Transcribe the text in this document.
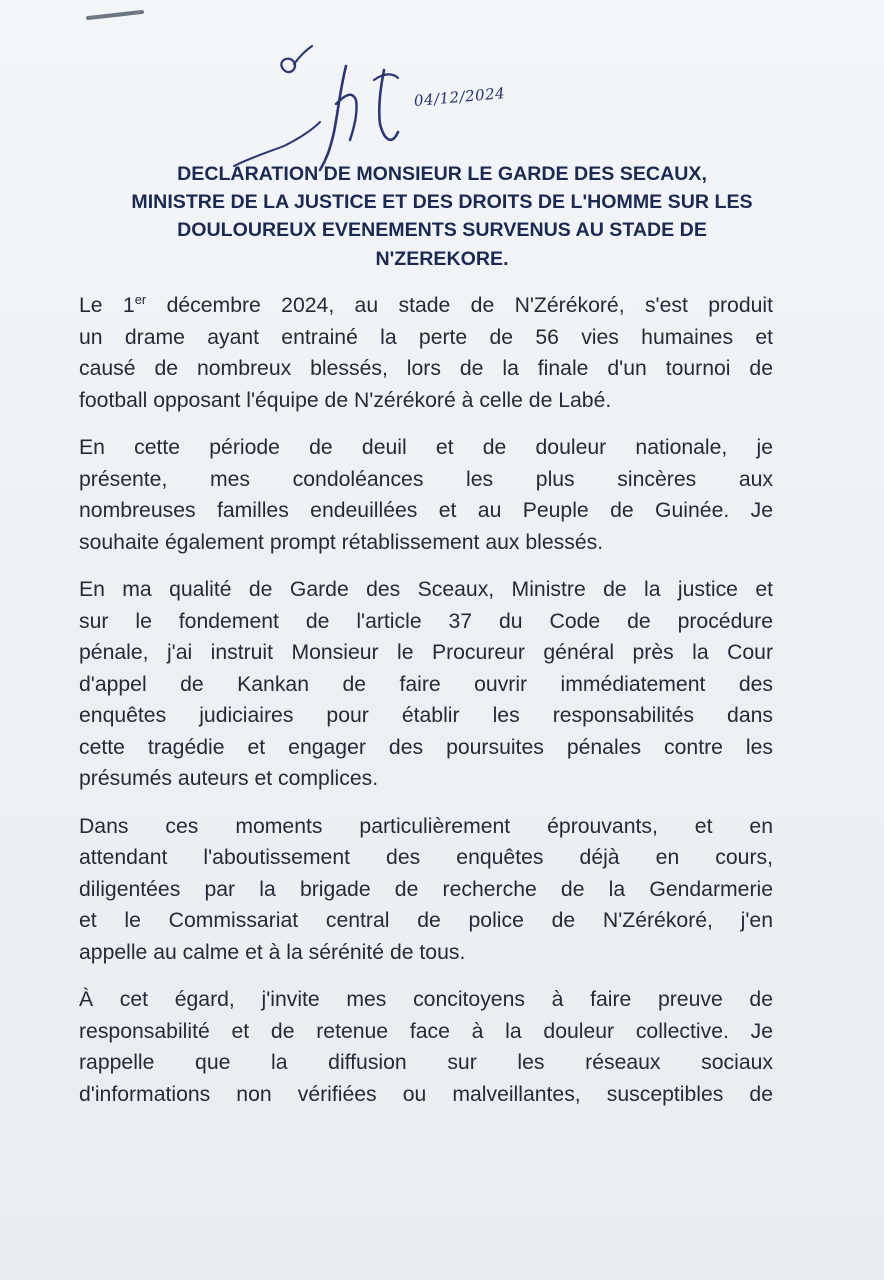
04/12/2024
DECLARATION DE MONSIEUR LE GARDE DES SECAUX,
MINISTRE DE LA JUSTICE ET DES DROITS DE L'HOMME SUR LES
DOULOUREUX EVENEMENTS SURVENUS AU STADE DE
N'ZEREKORE.

Le 1er décembre 2024, au stade de N'Zérékoré, s'est produit
un drame ayant entrainé la perte de 56 vies humaines et
causé de nombreux blessés, lors de la finale d'un tournoi de
football opposant l'équipe de N'zérékoré à celle de Labé.

En cette période de deuil et de douleur nationale, je
présente, mes condoléances les plus sincères aux
nombreuses familles endeuillées et au Peuple de Guinée. Je
souhaite également prompt rétablissement aux blessés.

En ma qualité de Garde des Sceaux, Ministre de la justice et
sur le fondement de l'article 37 du Code de procédure
pénale, j'ai instruit Monsieur le Procureur général près la Cour
d'appel de Kankan de faire ouvrir immédiatement des
enquêtes judiciaires pour établir les responsabilités dans
cette tragédie et engager des poursuites pénales contre les
présumés auteurs et complices.

Dans ces moments particulièrement éprouvants, et en
attendant l'aboutissement des enquêtes déjà en cours,
diligentées par la brigade de recherche de la Gendarmerie
et le Commissariat central de police de N'Zérékoré, j'en
appelle au calme et à la sérénité de tous.

À cet égard, j'invite mes concitoyens à faire preuve de
responsabilité et de retenue face à la douleur collective. Je
rappelle que la diffusion sur les réseaux sociaux
d'informations non vérifiées ou malveillantes, susceptibles de
